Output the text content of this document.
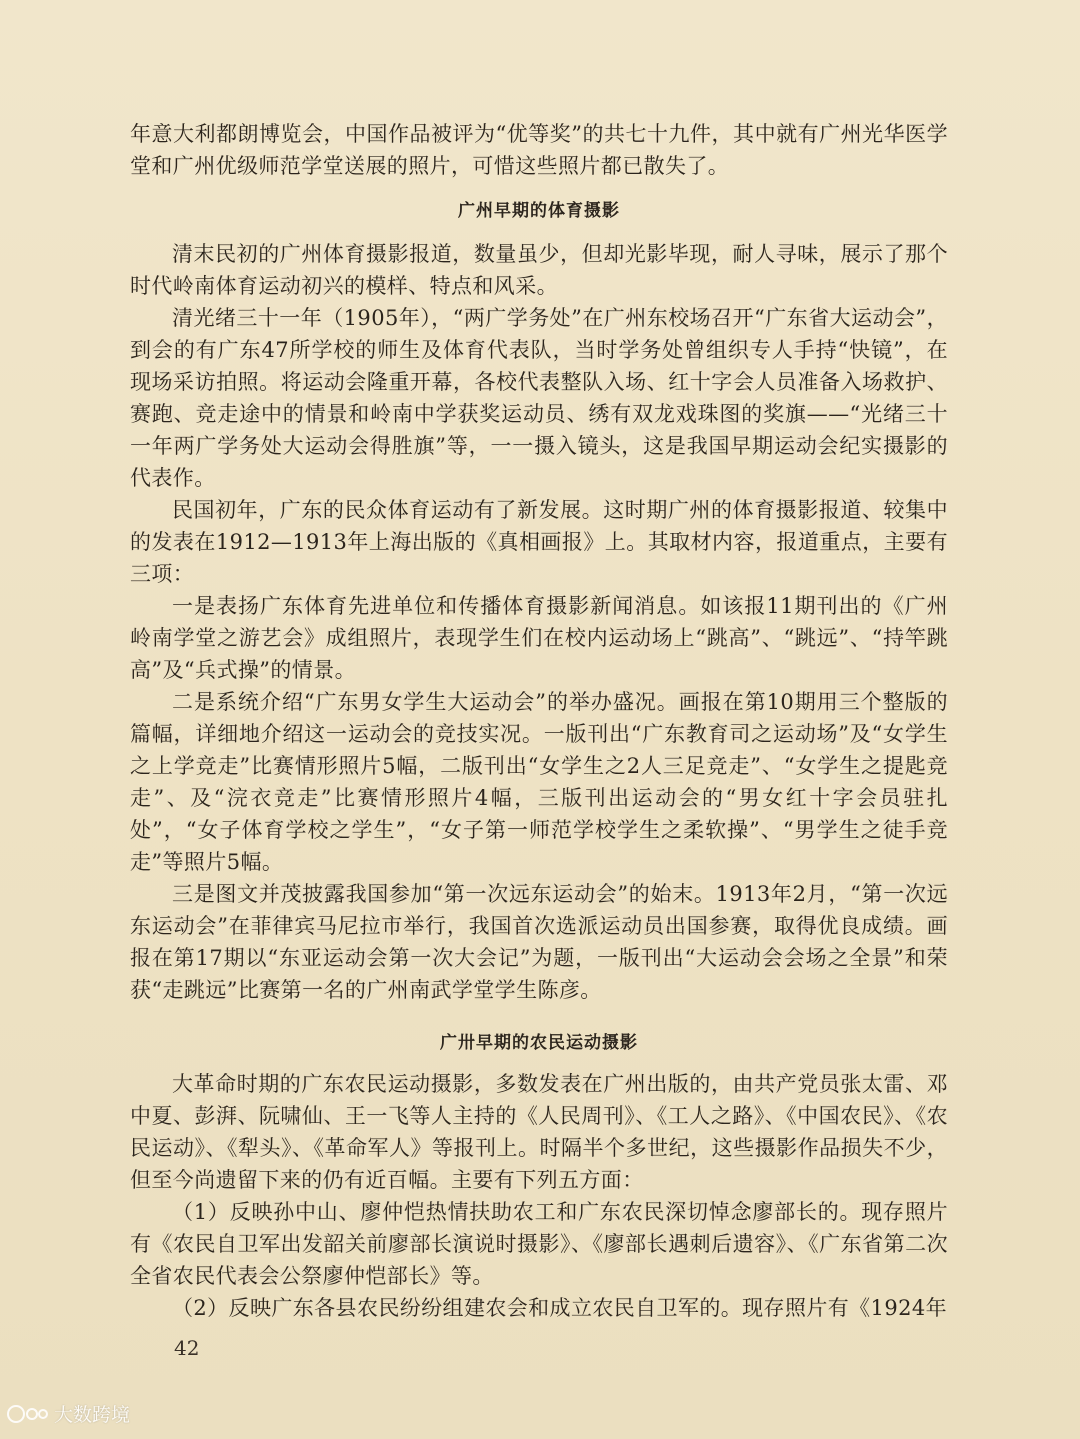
年意大利都朗博览会，中国作品被评为“优等奖”的共七十九件，其中就有广州光华医学堂和广州优级师范学堂送展的照片，可惜这些照片都已散失了。

广州早期的体育摄影

清末民初的广州体育摄影报道，数量虽少，但却光影毕现，耐人寻味，展示了那个时代岭南体育运动初兴的模样、特点和风采。

清光绪三十一年（1905年），“两广学务处”在广州东校场召开“广东省大运动会”，到会的有广东47所学校的师生及体育代表队，当时学务处曾组织专人手持“快镜”，在现场采访拍照。将运动会隆重开幕，各校代表整队入场、红十字会人员准备入场救护、赛跑、竞走途中的情景和岭南中学获奖运动员、绣有双龙戏珠图的奖旗——“光绪三十一年两广学务处大运动会得胜旗”等，一一摄入镜头，这是我国早期运动会纪实摄影的代表作。

民国初年，广东的民众体育运动有了新发展。这时期广州的体育摄影报道、较集中的发表在1912—1913年上海出版的《真相画报》上。其取材内容，报道重点，主要有三项：

一是表扬广东体育先进单位和传播体育摄影新闻消息。如该报11期刊出的《广州岭南学堂之游艺会》成组照片，表现学生们在校内运动场上“跳高”、“跳远”、“持竿跳高”及“兵式操”的情景。

二是系统介绍“广东男女学生大运动会”的举办盛况。画报在第10期用三个整版的篇幅，详细地介绍这一运动会的竞技实况。一版刊出“广东教育司之运动场”及“女学生之上学竞走”比赛情形照片5幅，二版刊出“女学生之2人三足竞走”、“女学生之提匙竞走”、及“浣衣竞走”比赛情形照片4幅，三版刊出运动会的“男女红十字会员驻扎处”，“女子体育学校之学生”，“女子第一师范学校学生之柔软操”、“男学生之徒手竞走”等照片5幅。

三是图文并茂披露我国参加“第一次远东运动会”的始末。1913年2月，“第一次远东运动会”在菲律宾马尼拉市举行，我国首次选派运动员出国参赛，取得优良成绩。画报在第17期以“东亚运动会第一次大会记”为题，一版刊出“大运动会会场之全景”和荣获“走跳远”比赛第一名的广州南武学堂学生陈彦。

广卅早期的农民运动摄影

大革命时期的广东农民运动摄影，多数发表在广州出版的，由共产党员张太雷、邓中夏、彭湃、阮啸仙、王一飞等人主持的《人民周刊》、《工人之路》、《中国农民》、《农民运动》、《犁头》、《革命军人》等报刊上。时隔半个多世纪，这些摄影作品损失不少，但至今尚遗留下来的仍有近百幅。主要有下列五方面：

（1）反映孙中山、廖仲恺热情扶助农工和广东农民深切悼念廖部长的。现存照片有《农民自卫军出发韶关前廖部长演说时摄影》、《廖部长遇刺后遗容》、《广东省第二次全省农民代表会公祭廖仲恺部长》等。

（2）反映广东各县农民纷纷组建农会和成立农民自卫军的。现存照片有《1924年

42
大数跨境
